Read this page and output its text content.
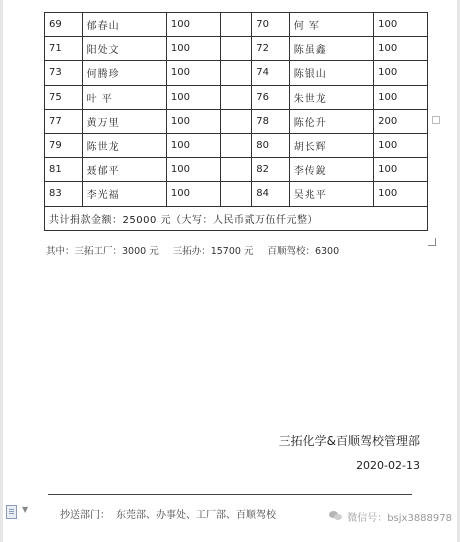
69	郁春山	100		70	何 军	100
71	阳处文	100		72	陈虽鑫	100
73	何腾珍	100		74	陈银山	100
75	叶 平	100		76	朱世龙	100
77	黄万里	100		78	陈伦升	200
79	陈世龙	100		80	胡长辉	100
81	聂郁平	100		82	李传銳	100
83	李光福	100		84	吴兆平	100
共计捐款金额：25000 元（大写：人民币贰万伍仟元整）						
其中：三拓工厂：3000 元 三拓办：15700 元 百顺驾校：6300
三拓化学&百顺驾校管理部
2020-02-13
抄送部门： 东莞部、办事处、工厂部、百顺驾校
▼
微信号：bsjx3888978
